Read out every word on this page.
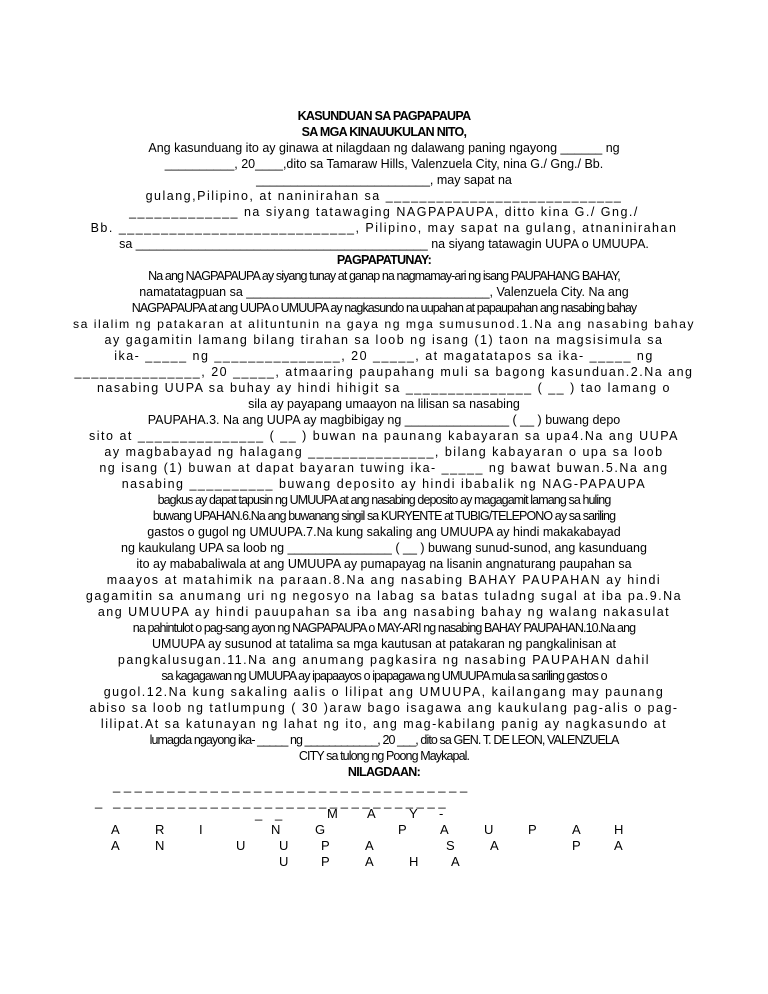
KASUNDUAN SA PAGPAPAUPA
SA MGA KINAUUKULAN NITO,
Ang kasunduang ito ay ginawa at nilagdaan ng dalawang paning ngayong ______ ng
__________, 20____,dito sa Tamaraw Hills, Valenzuela City, nina G./ Gng./ Bb.
_________________________, may sapat na
gulang,Pilipino, at naninirahan sa ____________________________
_____________ na siyang tatawaging NAGPAPAUPA, ditto kina G./ Gng./
Bb. ____________________________, Pilipino, may sapat na gulang, atnaninirahan
sa __________________________________________ na siyang tatawagin UUPA o UMUUPA.
PAGPAPATUNAY:
Na ang NAGPAPAUPA ay siyang tunay at ganap na nagmamay-ari ng isang PAUPAHANG BAHAY,
namatatagpuan sa ___________________________________, Valenzuela City. Na ang
NAGPAPAUPA at ang UUPA o UMUUPA ay nagkasundo na uupahan at papaupahan ang nasabing bahay
sa ilalim ng patakaran at alituntunin na gaya ng mga sumusunod.1.Na ang nasabing bahay
ay gagamitin lamang bilang tirahan sa loob ng isang (1) taon na magsisimula sa
ika- _____ ng _______________, 20 _____, at magatatapos sa ika- _____ ng
_______________, 20 _____, atmaaring paupahang muli sa bagong kasunduan.2.Na ang
nasabing UUPA sa buhay ay hindi hihigit sa _______________ ( __ ) tao lamang o
sila ay payapang umaayon na lilisan sa nasabing
PAUPAHA.3. Na ang UUPA ay magbibigay ng _______________ ( __ ) buwang depo
sito at _______________ ( __ ) buwan na paunang kabayaran sa upa4.Na ang UUPA
ay magbabayad ng halagang _______________, bilang kabayaran o upa sa loob
ng isang (1) buwan at dapat bayaran tuwing ika- _____ ng bawat buwan.5.Na ang
nasabing __________ buwang deposito ay hindi ibabalik ng NAG-PAPAUPA
bagkus ay dapat tapusin ng UMUUPA at ang nasabing deposito ay magagamit lamang sa huling
buwang UPAHAN.6.Na ang buwanang singil sa KURYENTE at TUBIG/TELEPONO ay sa sariling
gastos o gugol ng UMUUPA.7.Na kung sakaling ang UMUUPA ay hindi makakabayad
ng kaukulang UPA sa loob ng _______________ ( __ ) buwang sunud-sunod, ang kasunduang
ito ay mababaliwala at ang UMUUPA ay pumapayag na lisanin angnaturang paupahan sa
maayos at matahimik na paraan.8.Na ang nasabing BAHAY PAUPAHAN ay hindi
gagamitin sa anumang uri ng negosyo na labag sa batas tuladng sugal at iba pa.9.Na
ang UMUUPA ay hindi pauupahan sa iba ang nasabing bahay ng walang nakasulat
na pahintulot o pag-sang ayon ng NAGPAPAUPA o MAY-ARI ng nasabing BAHAY PAUPAHAN.10.Na ang
UMUUPA ay susunod at tatalima sa mga kautusan at patakaran ng pangkalinisan at
pangkalusugan.11.Na ang anumang pagkasira ng nasabing PAUPAHAN dahil
sa kagagawan ng UMUUPA ay ipapaayos o ipapagawa ng UMUUPA mula sa sariling gastos o
gugol.12.Na kung sakaling aalis o lilipat ang UMUUPA, kailangang may paunang
abiso sa loob ng tatlumpung ( 30 )araw bago isagawa ang kaukulang pag-alis o pag-
lilipat.At sa katunayan ng lahat ng ito, ang mag-kabilang panig ay nagkasundo at
lumagda ngayong ika- _____ ng ____________, 20 ___, dito sa GEN. T. DE LEON, VALENZUELA
CITY sa tulong ng Poong Maykapal.
NILAGDAAN:
_ _ _ _ _ _ _ _ _ _ _ _ _ _ _ _ _ _ _ _ _ _ _ _ _ _ _ _ _ _ _ _ _
_   _ _ _ _ _ _ _ _ _ _ _ _ _ _ _ _ _ _ _ _ _ _ _ _ _ _ _ _ _ _ _
_ _	M A	Y -
A	R	I	N	G	P	A	U	P	A	H
A	N	U	U	P	A	S	A	P	A
U	P	A	H	A
